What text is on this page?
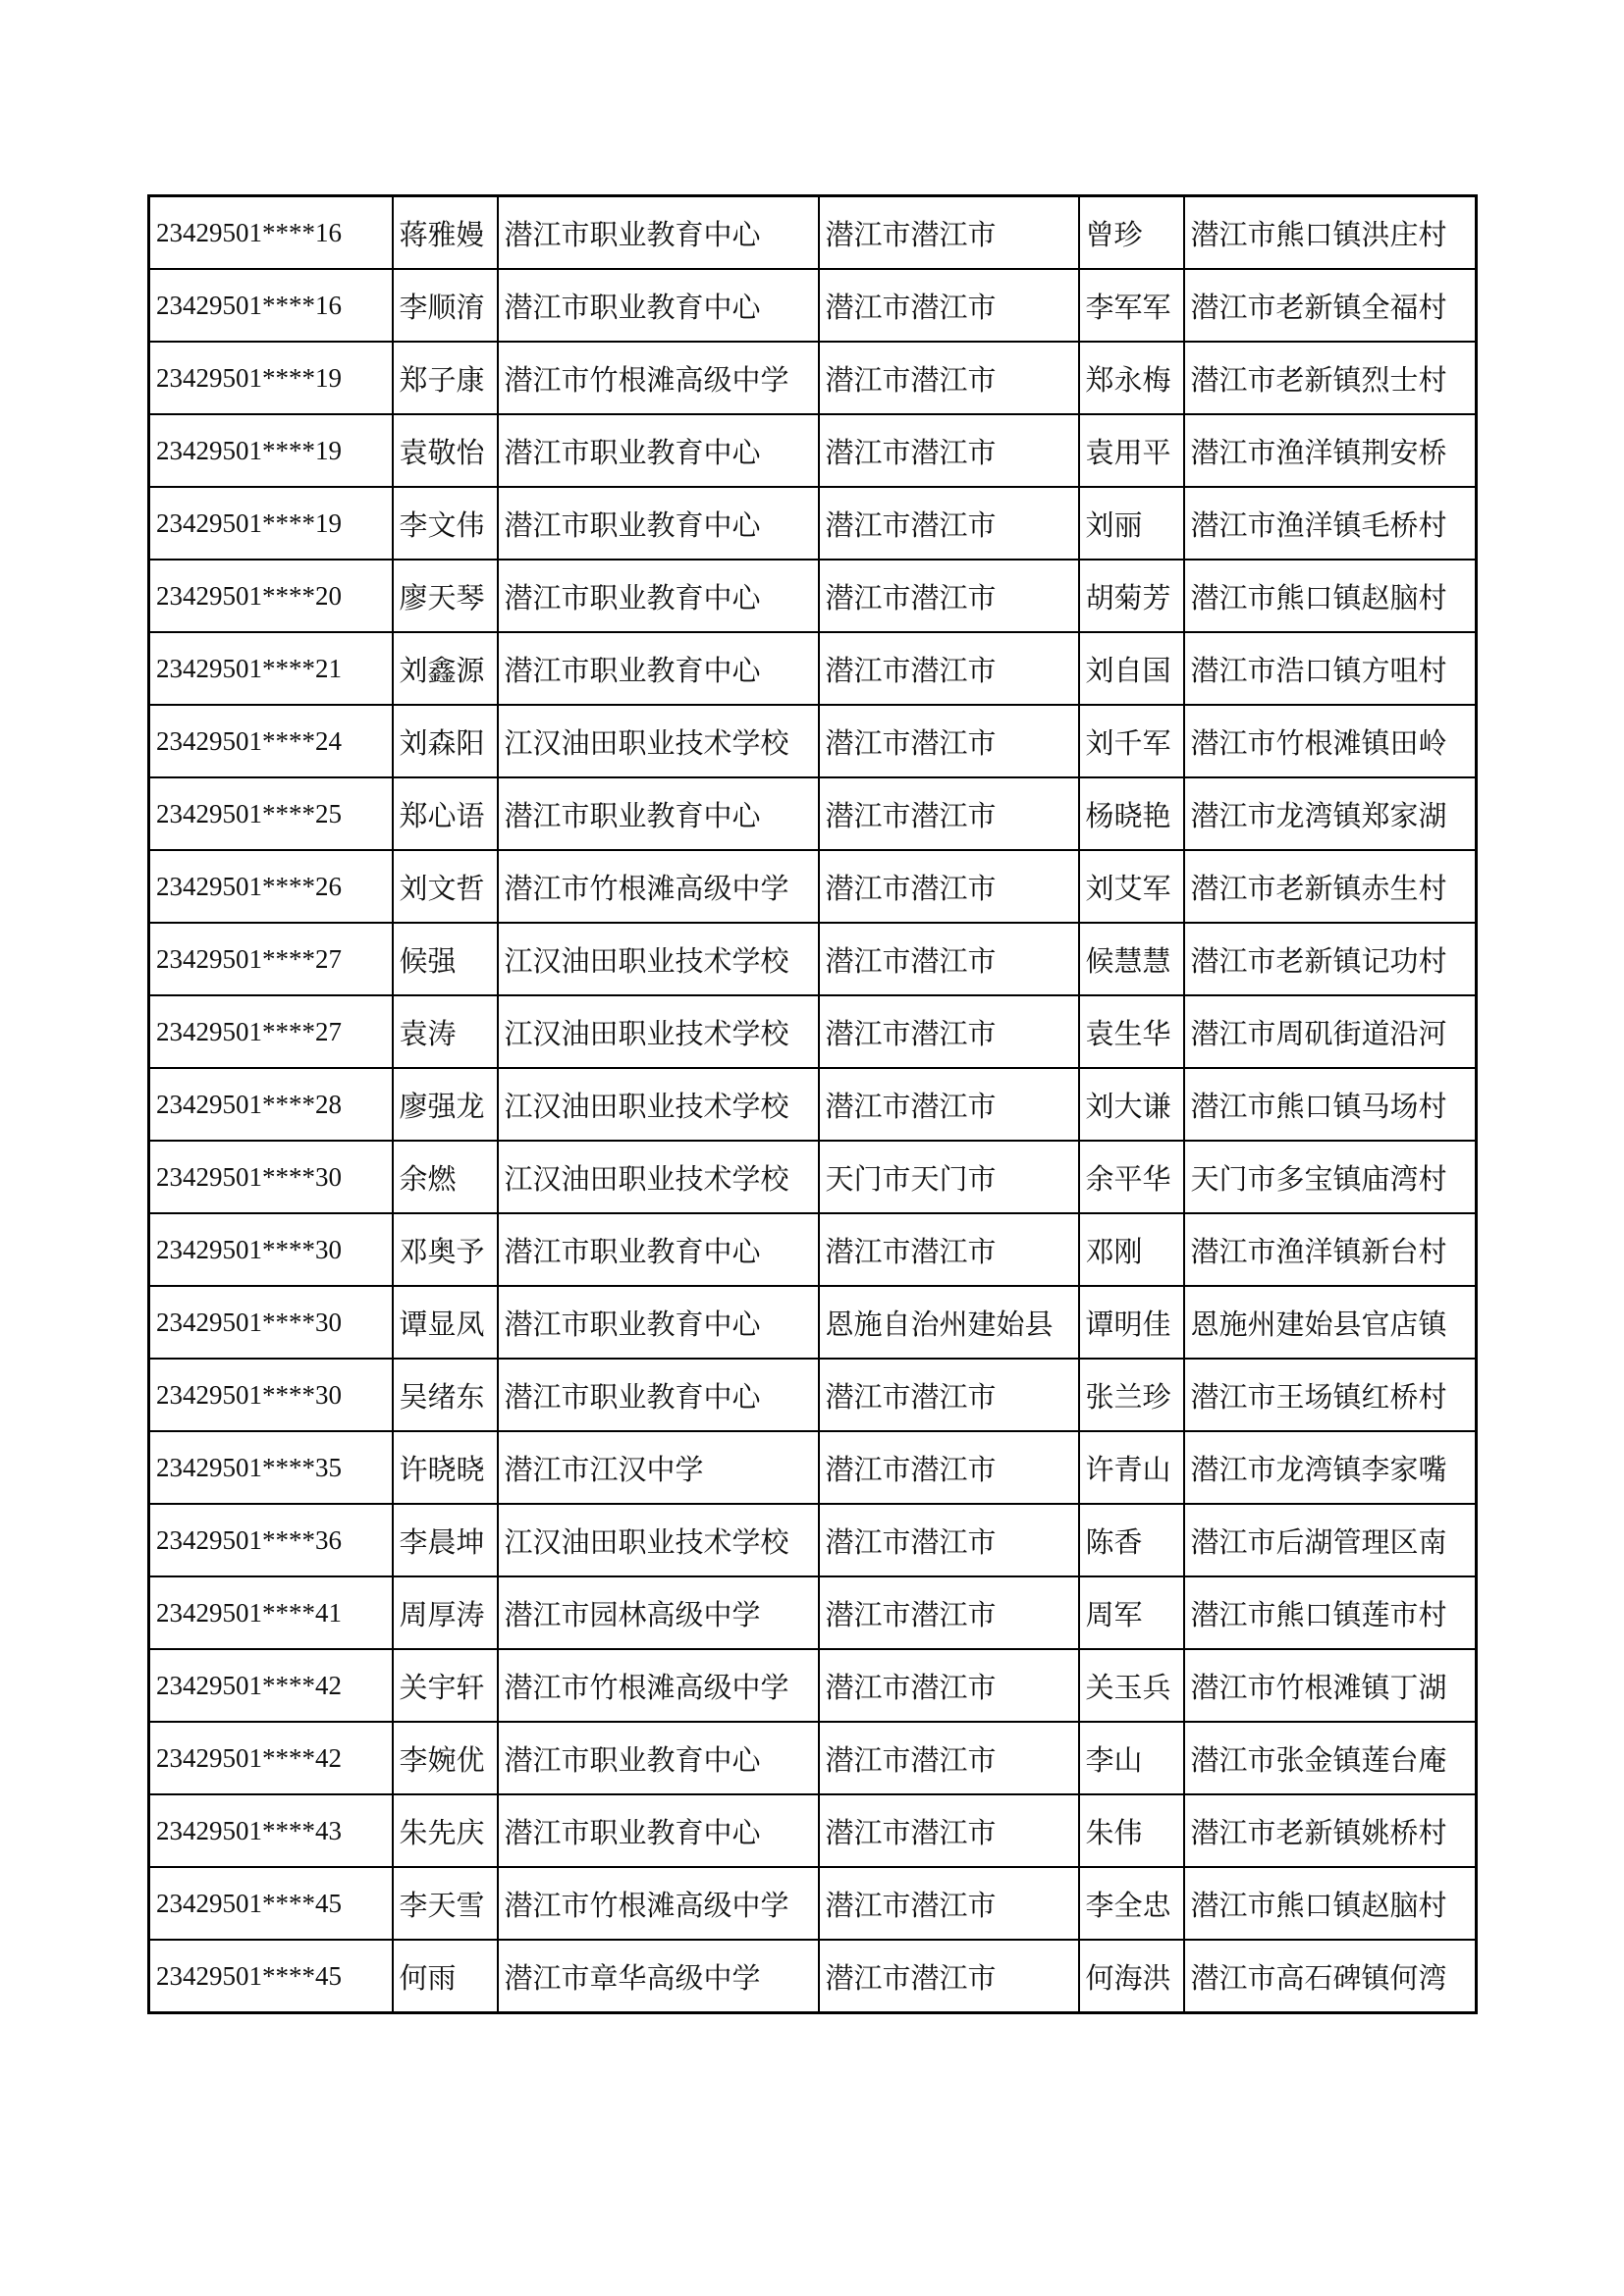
23429501****16	蒋雅嫚	潜江市职业教育中心	潜江市潜江市	曾珍	潜江市熊口镇洪庄村
23429501****16	李顺淯	潜江市职业教育中心	潜江市潜江市	李军军	潜江市老新镇全福村
23429501****19	郑子康	潜江市竹根滩高级中学	潜江市潜江市	郑永梅	潜江市老新镇烈士村
23429501****19	袁敬怡	潜江市职业教育中心	潜江市潜江市	袁用平	潜江市渔洋镇荆安桥
23429501****19	李文伟	潜江市职业教育中心	潜江市潜江市	刘丽	潜江市渔洋镇毛桥村
23429501****20	廖天琴	潜江市职业教育中心	潜江市潜江市	胡菊芳	潜江市熊口镇赵脑村
23429501****21	刘鑫源	潜江市职业教育中心	潜江市潜江市	刘自国	潜江市浩口镇方咀村
23429501****24	刘森阳	江汉油田职业技术学校	潜江市潜江市	刘千军	潜江市竹根滩镇田岭
23429501****25	郑心语	潜江市职业教育中心	潜江市潜江市	杨晓艳	潜江市龙湾镇郑家湖
23429501****26	刘文哲	潜江市竹根滩高级中学	潜江市潜江市	刘艾军	潜江市老新镇赤生村
23429501****27	候强	江汉油田职业技术学校	潜江市潜江市	候慧慧	潜江市老新镇记功村
23429501****27	袁涛	江汉油田职业技术学校	潜江市潜江市	袁生华	潜江市周矶街道沿河
23429501****28	廖强龙	江汉油田职业技术学校	潜江市潜江市	刘大谦	潜江市熊口镇马场村
23429501****30	余燃	江汉油田职业技术学校	天门市天门市	余平华	天门市多宝镇庙湾村
23429501****30	邓奥予	潜江市职业教育中心	潜江市潜江市	邓刚	潜江市渔洋镇新台村
23429501****30	谭显凤	潜江市职业教育中心	恩施自治州建始县	谭明佳	恩施州建始县官店镇
23429501****30	吴绪东	潜江市职业教育中心	潜江市潜江市	张兰珍	潜江市王场镇红桥村
23429501****35	许晓晓	潜江市江汉中学	潜江市潜江市	许青山	潜江市龙湾镇李家嘴
23429501****36	李晨坤	江汉油田职业技术学校	潜江市潜江市	陈香	潜江市后湖管理区南
23429501****41	周厚涛	潜江市园林高级中学	潜江市潜江市	周军	潜江市熊口镇莲市村
23429501****42	关宇轩	潜江市竹根滩高级中学	潜江市潜江市	关玉兵	潜江市竹根滩镇丁湖
23429501****42	李婉优	潜江市职业教育中心	潜江市潜江市	李山	潜江市张金镇莲台庵
23429501****43	朱先庆	潜江市职业教育中心	潜江市潜江市	朱伟	潜江市老新镇姚桥村
23429501****45	李天雪	潜江市竹根滩高级中学	潜江市潜江市	李全忠	潜江市熊口镇赵脑村
23429501****45	何雨	潜江市章华高级中学	潜江市潜江市	何海洪	潜江市高石碑镇何湾
